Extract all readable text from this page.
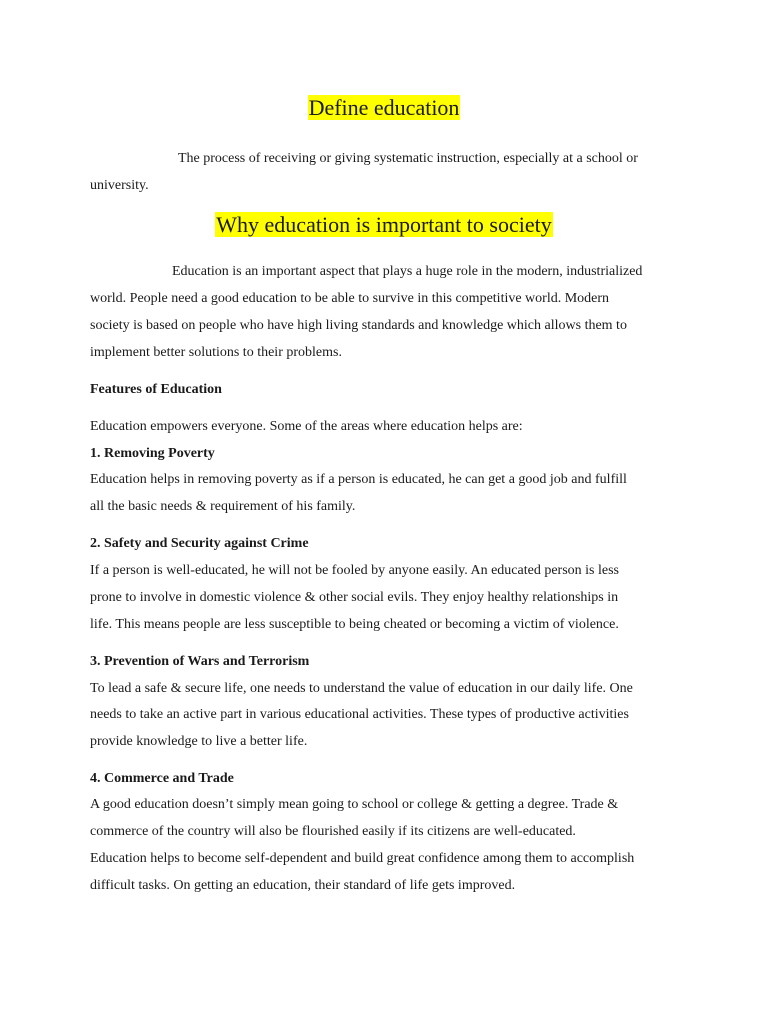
Define education
The process of receiving or giving systematic instruction, especially at a school or
university.
Why education is important to society
Education is an important aspect that plays a huge role in the modern, industrialized
world. People need a good education to be able to survive in this competitive world. Modern
society is based on people who have high living standards and knowledge which allows them to
implement better solutions to their problems.
Features of Education
Education empowers everyone. Some of the areas where education helps are:
1. Removing Poverty
Education helps in removing poverty as if a person is educated, he can get a good job and fulfill
all the basic needs & requirement of his family.
2. Safety and Security against Crime
If a person is well-educated, he will not be fooled by anyone easily. An educated person is less
prone to involve in domestic violence & other social evils. They enjoy healthy relationships in
life. This means people are less susceptible to being cheated or becoming a victim of violence.
3. Prevention of Wars and Terrorism
To lead a safe & secure life, one needs to understand the value of education in our daily life. One
needs to take an active part in various educational activities. These types of productive activities
provide knowledge to live a better life.
4. Commerce and Trade
A good education doesn’t simply mean going to school or college & getting a degree. Trade &
commerce of the country will also be flourished easily if its citizens are well-educated.
Education helps to become self-dependent and build great confidence among them to accomplish
difficult tasks. On getting an education, their standard of life gets improved.
